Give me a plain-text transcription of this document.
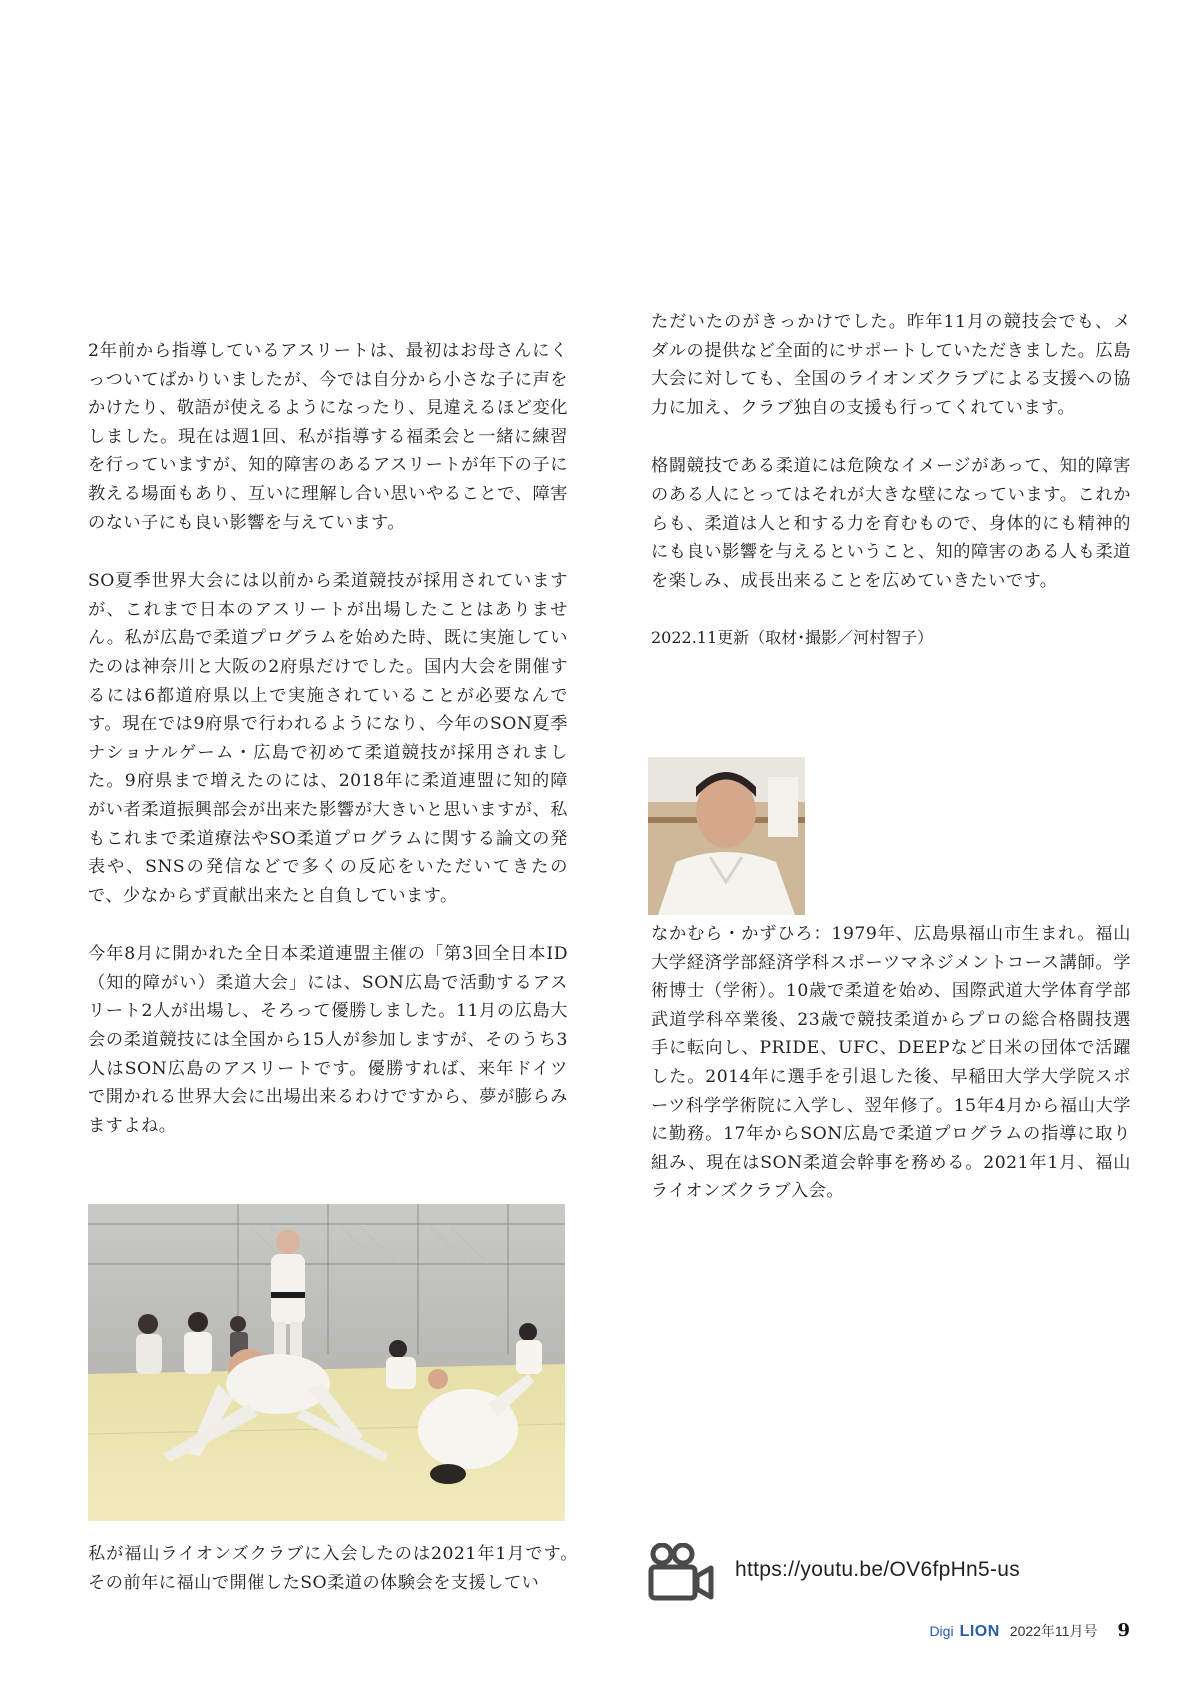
2年前から指導しているアスリートは、最初はお母さんにくっついてばかりいましたが、今では自分から小さな子に声をかけたり、敬語が使えるようになったり、見違えるほど変化しました。現在は週1回、私が指導する福柔会と一緒に練習を行っていますが、知的障害のあるアスリートが年下の子に教える場面もあり、互いに理解し合い思いやることで、障害のない子にも良い影響を与えています。

SO夏季世界大会には以前から柔道競技が採用されていますが、これまで日本のアスリートが出場したことはありません。私が広島で柔道プログラムを始めた時、既に実施していたのは神奈川と大阪の2府県だけでした。国内大会を開催するには6都道府県以上で実施されていることが必要なんです。現在では9府県で行われるようになり、今年のSON夏季ナショナルゲーム・広島で初めて柔道競技が採用されました。9府県まで増えたのには、2018年に柔道連盟に知的障がい者柔道振興部会が出来た影響が大きいと思いますが、私もこれまで柔道療法やSO柔道プログラムに関する論文の発表や、SNSの発信などで多くの反応をいただいてきたので、少なからず貢献出来たと自負しています。

今年8月に開かれた全日本柔道連盟主催の「第3回全日本ID（知的障がい）柔道大会」には、SON広島で活動するアスリート2人が出場し、そろって優勝しました。11月の広島大会の柔道競技には全国から15人が参加しますが、そのうち3人はSON広島のアスリートです。優勝すれば、来年ドイツで開かれる世界大会に出場出来るわけですから、夢が膨らみますよね。

私が福山ライオンズクラブに入会したのは2021年1月です。その前年に福山で開催したSO柔道の体験会を支援してい

ただいたのがきっかけでした。昨年11月の競技会でも、メダルの提供など全面的にサポートしていただきました。広島大会に対しても、全国のライオンズクラブによる支援への協力に加え、クラブ独自の支援も行ってくれています。

格闘競技である柔道には危険なイメージがあって、知的障害のある人にとってはそれが大きな壁になっています。これからも、柔道は人と和する力を育むもので、身体的にも精神的にも良い影響を与えるということ、知的障害のある人も柔道を楽しみ、成長出来ることを広めていきたいです。

2022.11更新（取材･撮影／河村智子）

なかむら・かずひろ：1979年、広島県福山市生まれ。福山大学経済学部経済学科スポーツマネジメントコース講師。学術博士（学術）。10歳で柔道を始め、国際武道大学体育学部武道学科卒業後、23歳で競技柔道からプロの総合格闘技選手に転向し、PRIDE、UFC、DEEPなど日米の団体で活躍した。2014年に選手を引退した後、早稲田大学大学院スポーツ科学学術院に入学し、翌年修了。15年4月から福山大学に勤務。17年からSON広島で柔道プログラムの指導に取り組み、現在はSON柔道会幹事を務める。2021年1月、福山ライオンズクラブ入会。

https://youtu.be/OV6fpHn5-us
Digi LION 2022年11月号 9
